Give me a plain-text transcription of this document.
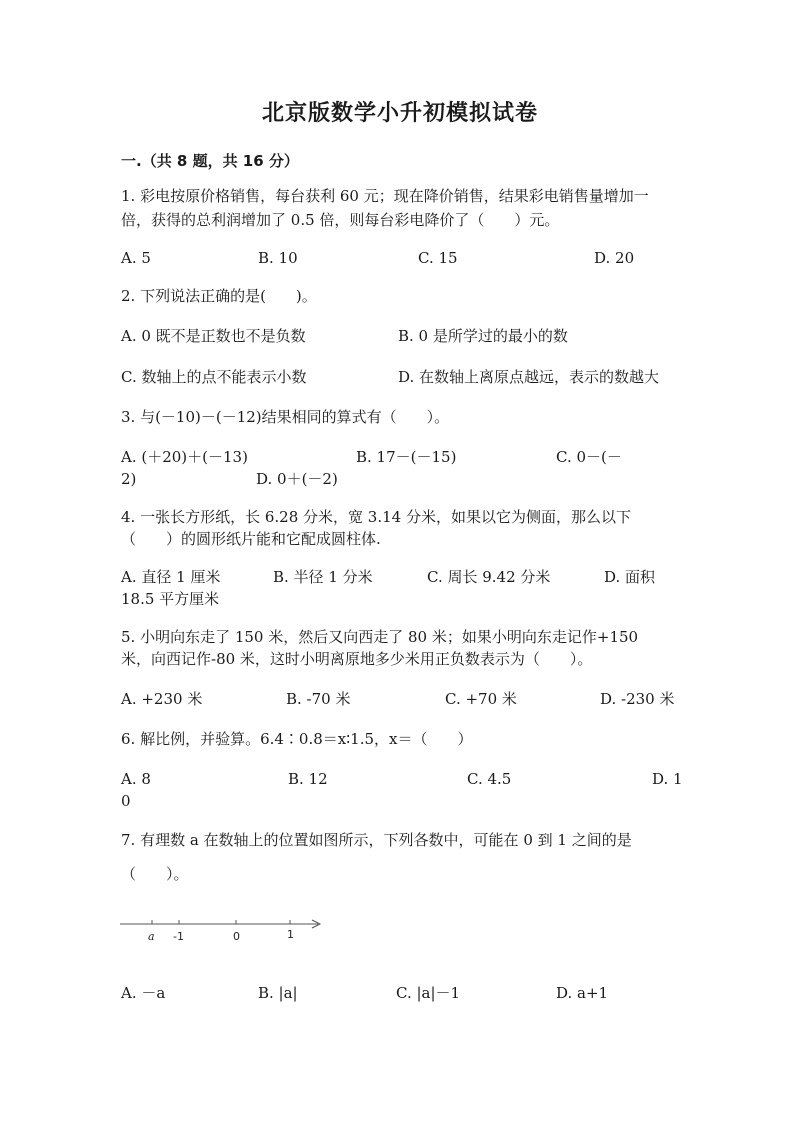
北京版数学小升初模拟试卷
一.（共 8 题，共 16 分）
1. 彩电按原价格销售，每台获利 60 元；现在降价销售，结果彩电销售量增加一
倍，获得的总利润增加了 0.5 倍，则每台彩电降价了（　　）元。
A. 5	B. 10	C. 15	D. 20
2. 下列说法正确的是(　　)。
A. 0 既不是正数也不是负数	B. 0 是所学过的最小的数
C. 数轴上的点不能表示小数	D. 在数轴上离原点越远，表示的数越大
3. 与(－10)－(－12)结果相同的算式有（　　）。
A. (＋20)＋(－13)	B. 17－(－15)	C. 0－(－
2)	D. 0＋(－2)
4. 一张长方形纸，长 6.28 分米，宽 3.14 分米，如果以它为侧面，那么以下
（　　）的圆形纸片能和它配成圆柱体.
A. 直径 1 厘米	B. 半径 1 分米	C. 周长 9.42 分米	D. 面积
18.5 平方厘米
5. 小明向东走了 150 米，然后又向西走了 80 米；如果小明向东走记作+150
米，向西记作-80 米，这时小明离原地多少米用正负数表示为（　　）。
A. +230 米	B. -70 米	C. +70 米	D. -230 米
6. 解比例，并验算。6.4∶0.8＝x∶1.5，x＝（　　）
A. 8	B. 12	C. 4.5	D. 1
0
7. 有理数 a 在数轴上的位置如图所示，下列各数中，可能在 0 到 1 之间的是
（　　）。
a -1	0	1
A. －a	B. |a|	C. |a|－1	D. a+1
